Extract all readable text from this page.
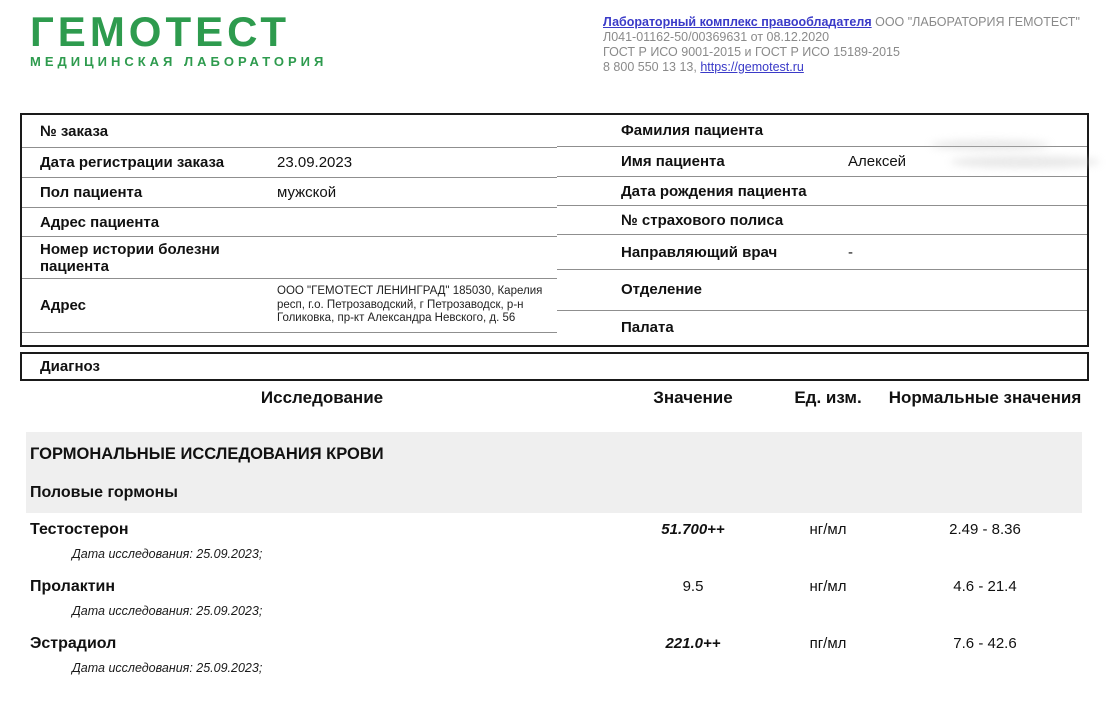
ГЕМОТЕСТ
МЕДИЦИНСКАЯ ЛАБОРАТОРИЯ
Лабораторный комплекс правообладателя ООО "ЛАБОРАТОРИЯ ГЕМОТЕСТ"
Л041-01162-50/00369631 от 08.12.2020
ГОСТ Р ИСО 9001-2015 и ГОСТ Р ИСО 15189-2015
8 800 550 13 13, https://gemotest.ru
№ заказа
Дата регистрации заказа	23.09.2023
Пол пациента	мужской
Адрес пациента
Номер истории болезни пациента
Адрес
ООО "ГЕМОТЕСТ ЛЕНИНГРАД" 185030, Карелия респ, г.о. Петрозаводский, г Петрозаводск, р-н Голиковка, пр-кт Александра Невского, д. 56
Фамилия пациента
Имя пациента	Алексей
Дата рождения пациента
№ страхового полиса
Направляющий врач	-
Отделение
Палата
Диагноз
Исследование	Значение	Ед. изм.	Нормальные значения
ГОРМОНАЛЬНЫЕ ИССЛЕДОВАНИЯ КРОВИ
Половые гормоны
Тестостерон	51.700++	нг/мл	2.49 - 8.36
Дата исследования: 25.09.2023;
Пролактин	9.5	нг/мл	4.6 - 21.4
Дата исследования: 25.09.2023;
Эстрадиол	221.0++	пг/мл	7.6 - 42.6
Дата исследования: 25.09.2023;
